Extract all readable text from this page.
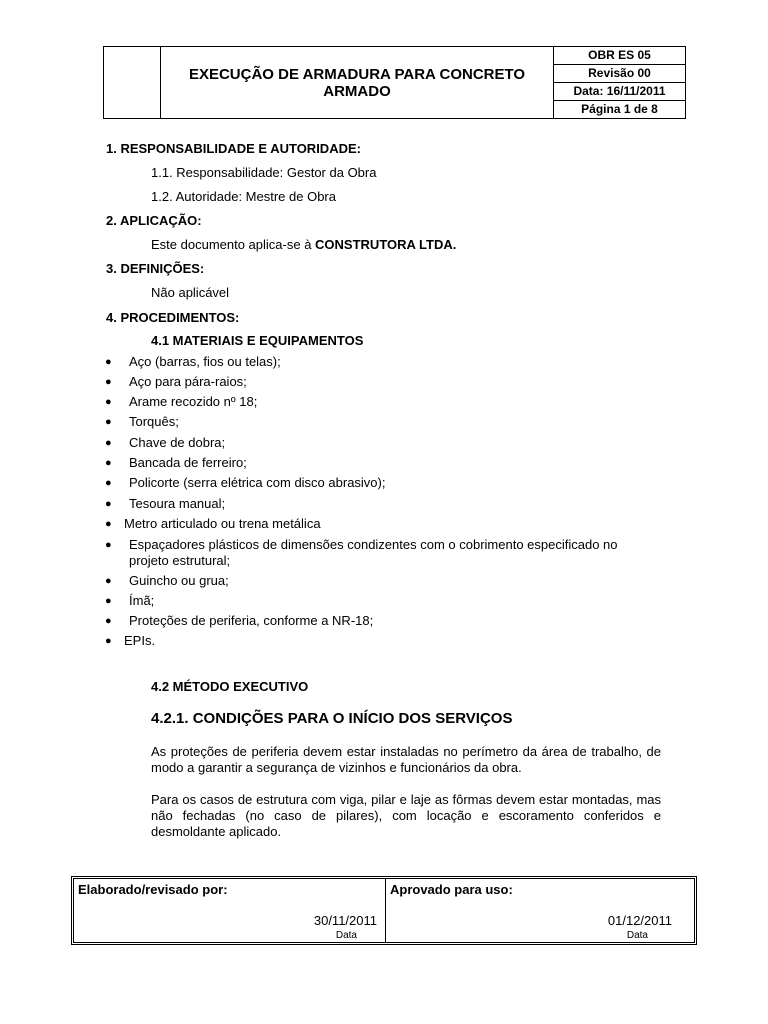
	EXECUÇÃO DE ARMADURA PARA CONCRETO ARMADO	OBR ES 05
Revisão 00
Data: 16/11/2011
Página 1 de 8
1. RESPONSABILIDADE E AUTORIDADE:
1.1. Responsabilidade: Gestor da Obra
1.2. Autoridade: Mestre de Obra
2. APLICAÇÃO:
Este documento aplica-se à CONSTRUTORA LTDA.
3. DEFINIÇÕES:
Não aplicável
4. PROCEDIMENTOS:
4.1 MATERIAIS E EQUIPAMENTOS
● Aço (barras, fios ou telas);
● Aço para pára-raios;
● Arame recozido nº 18;
● Torquês;
● Chave de dobra;
● Bancada de ferreiro;
● Policorte (serra elétrica com disco abrasivo);
● Tesoura manual;
● Metro articulado ou trena metálica
● Espaçadores plásticos de dimensões condizentes com o cobrimento especificado no
projeto estrutural;
● Guincho ou grua;
● Ímã;
● Proteções de periferia, conforme a NR-18;
● EPIs.
4.2 MÉTODO EXECUTIVO
4.2.1. CONDIÇÕES PARA O INÍCIO DOS SERVIÇOS
As proteções de periferia devem estar instaladas no perímetro da área de trabalho, de modo a garantir a segurança de vizinhos e funcionários da obra.
Para os casos de estrutura com viga, pilar e laje as fôrmas devem estar montadas, mas não fechadas (no caso de pilares), com locação e escoramento conferidos e desmoldante aplicado.
Elaborado/revisado por:
30/11/2011
Data
Aprovado para uso:
01/12/2011
Data
